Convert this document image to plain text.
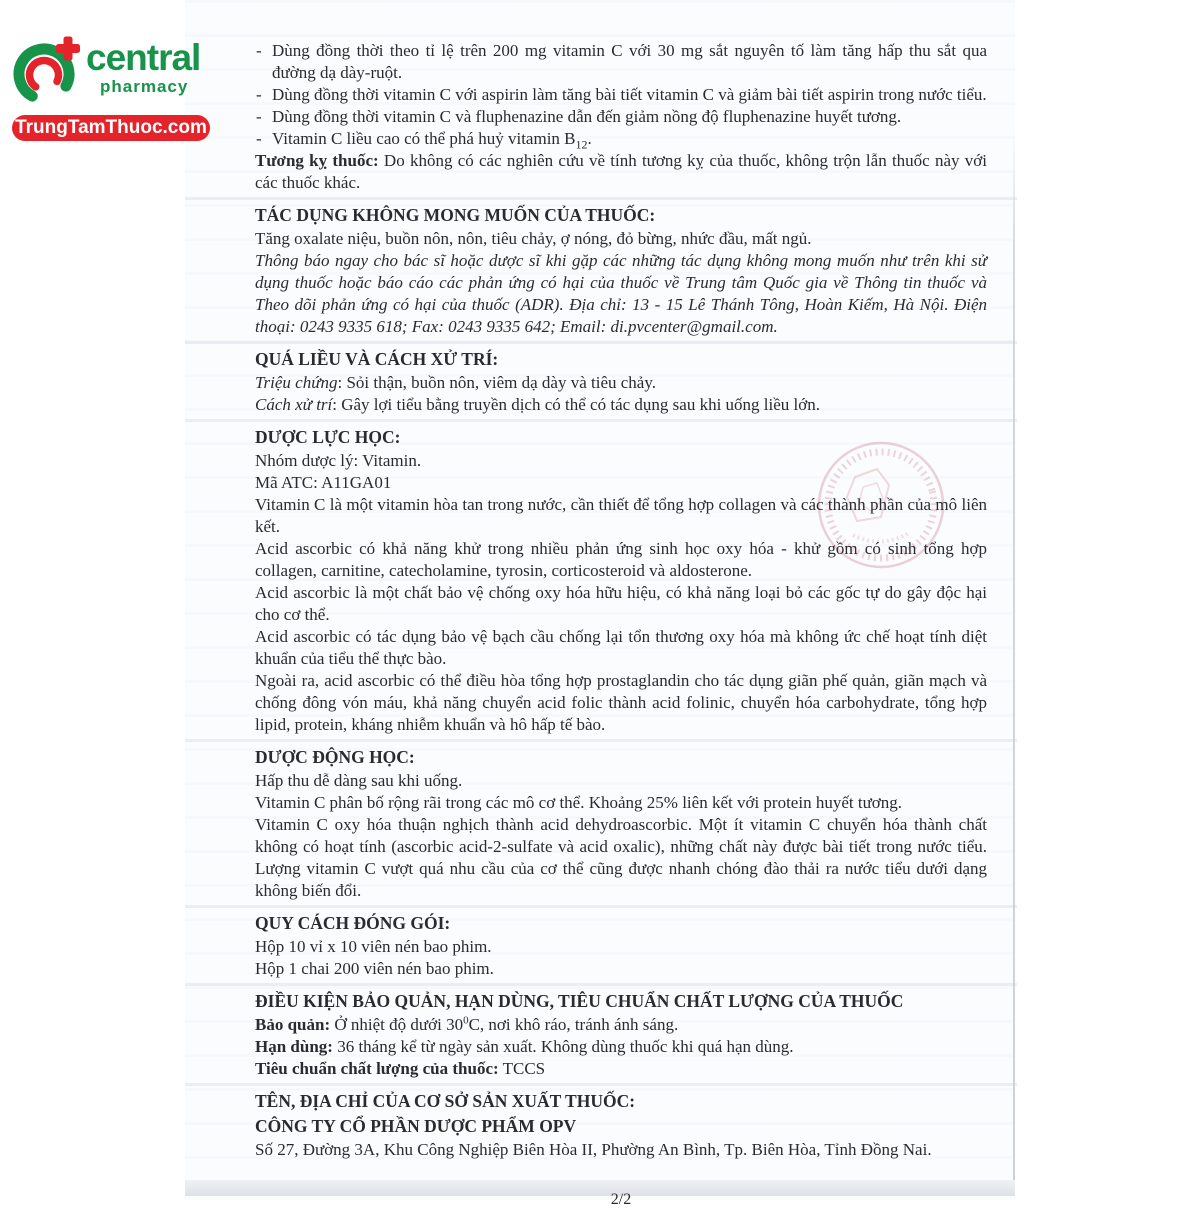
central
pharmacy
TrungTamThuoc.com

- Dùng đồng thời theo tỉ lệ trên 200 mg vitamin C với 30 mg sắt nguyên tố làm tăng hấp thu sắt qua đường dạ dày-ruột.

- Dùng đồng thời vitamin C với aspirin làm tăng bài tiết vitamin C và giảm bài tiết aspirin trong nước tiểu.

- Dùng đồng thời vitamin C và fluphenazine dẫn đến giảm nồng độ fluphenazine huyết tương.

- Vitamin C liều cao có thể phá huỷ vitamin $B_{12}$.

Tương kỵ thuốc: Do không có các nghiên cứu về tính tương kỵ của thuốc, không trộn lẫn thuốc này với các thuốc khác.

TÁC DỤNG KHÔNG MONG MUỐN CỦA THUỐC:

Tăng oxalate niệu, buồn nôn, nôn, tiêu chảy, ợ nóng, đỏ bừng, nhức đầu, mất ngủ.

Thông báo ngay cho bác sĩ hoặc dược sĩ khi gặp các những tác dụng không mong muốn như trên khi sử dụng thuốc hoặc báo cáo các phản ứng có hại của thuốc về Trung tâm Quốc gia về Thông tin thuốc và Theo dõi phản ứng có hại của thuốc (ADR). Địa chỉ: 13 - 15 Lê Thánh Tông, Hoàn Kiếm, Hà Nội. Điện thoại: 0243 9335 618; Fax: 0243 9335 642; Email: di.pvcenter@gmail.com.

QUÁ LIỀU VÀ CÁCH XỬ TRÍ:

Triệu chứng: Sỏi thận, buồn nôn, viêm dạ dày và tiêu chảy.

Cách xử trí: Gây lợi tiểu bằng truyền dịch có thể có tác dụng sau khi uống liều lớn.

DƯỢC LỰC HỌC:

Nhóm dược lý: Vitamin.

Mã ATC: A11GA01

Vitamin C là một vitamin hòa tan trong nước, cần thiết để tổng hợp collagen và các thành phần của mô liên kết.

Acid ascorbic có khả năng khử trong nhiều phản ứng sinh học oxy hóa - khử gồm có sinh tổng hợp collagen, carnitine, catecholamine, tyrosin, corticosteroid và aldosterone.

Acid ascorbic là một chất bảo vệ chống oxy hóa hữu hiệu, có khả năng loại bỏ các gốc tự do gây độc hại cho cơ thể.

Acid ascorbic có tác dụng bảo vệ bạch cầu chống lại tổn thương oxy hóa mà không ức chế hoạt tính diệt khuẩn của tiểu thể thực bào.

Ngoài ra, acid ascorbic có thể điều hòa tổng hợp prostaglandin cho tác dụng giãn phế quản, giãn mạch và chống đông vón máu, khả năng chuyển acid folic thành acid folinic, chuyển hóa carbohydrate, tổng hợp lipid, protein, kháng nhiễm khuẩn và hô hấp tế bào.

DƯỢC ĐỘNG HỌC:

Hấp thu dễ dàng sau khi uống.

Vitamin C phân bố rộng rãi trong các mô cơ thể. Khoảng 25% liên kết với protein huyết tương.

Vitamin C oxy hóa thuận nghịch thành acid dehydroascorbic. Một ít vitamin C chuyển hóa thành chất không có hoạt tính (ascorbic acid-2-sulfate và acid oxalic), những chất này được bài tiết trong nước tiểu. Lượng vitamin C vượt quá nhu cầu của cơ thể cũng được nhanh chóng đào thải ra nước tiểu dưới dạng không biến đổi.

QUY CÁCH ĐÓNG GÓI:

Hộp 10 vỉ x 10 viên nén bao phim.

Hộp 1 chai 200 viên nén bao phim.

ĐIỀU KIỆN BẢO QUẢN, HẠN DÙNG, TIÊU CHUẨN CHẤT LƯỢNG CỦA THUỐC

Bảo quản: Ở nhiệt độ dưới $30^0C$, nơi khô ráo, tránh ánh sáng.

Hạn dùng: 36 tháng kể từ ngày sản xuất. Không dùng thuốc khi quá hạn dùng.

Tiêu chuẩn chất lượng của thuốc: TCCS

TÊN, ĐỊA CHỈ CỦA CƠ SỞ SẢN XUẤT THUỐC:
CÔNG TY CỔ PHẦN DƯỢC PHẨM OPV

Số 27, Đường 3A, Khu Công Nghiệp Biên Hòa II, Phường An Bình, Tp. Biên Hòa, Tỉnh Đồng Nai.

2/2
